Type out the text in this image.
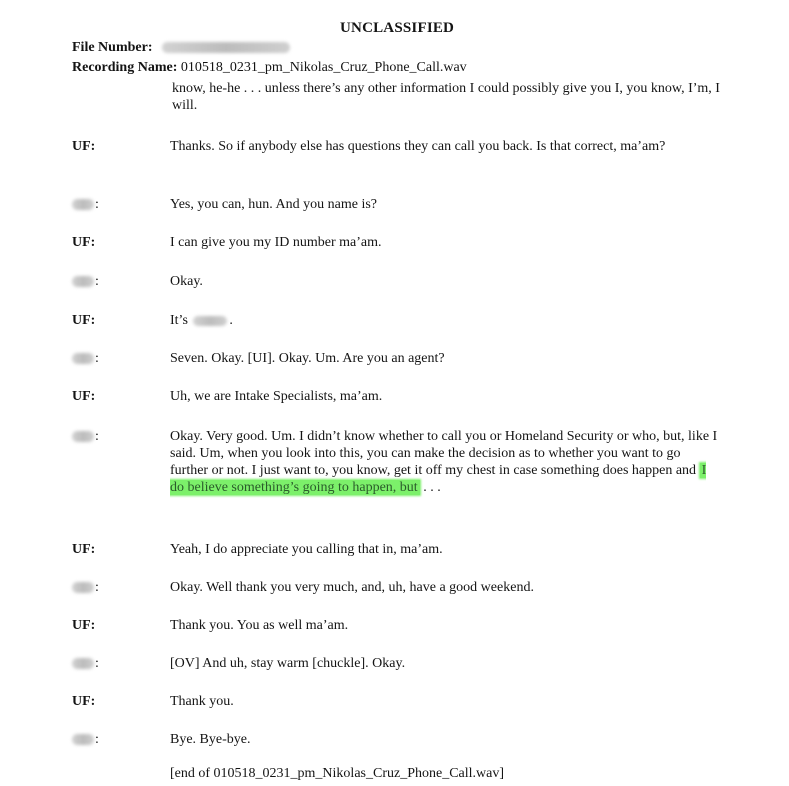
UNCLASSIFIED
File Number:
Recording Name: 010518_0231_pm_Nikolas_Cruz_Phone_Call.wav
know, he-he . . . unless there’s any other information I could possibly give you I, you know, I’m, I will.
UF:	Thanks. So if anybody else has questions they can call you back. Is that correct, ma’am?
:	Yes, you can, hun. And you name is?
UF:	I can give you my ID number ma’am.
:	Okay.
UF:	It’s	.
:	Seven. Okay. [UI]. Okay. Um. Are you an agent?
UF:	Uh, we are Intake Specialists, ma’am.
:	Okay. Very good. Um. I didn’t know whether to call you or Homeland Security or who, but, like I said. Um, when you look into this, you can make the decision as to whether you want to go further or not. I just want to, you know, get it off my chest in case something does happen and I do believe something’s going to happen, but . . .
UF:	Yeah, I do appreciate you calling that in, ma’am.
:	Okay. Well thank you very much, and, uh, have a good weekend.
UF:	Thank you. You as well ma’am.
:	[OV] And uh, stay warm [chuckle]. Okay.
UF:	Thank you.
:	Bye. Bye-bye.
[end of 010518_0231_pm_Nikolas_Cruz_Phone_Call.wav]
